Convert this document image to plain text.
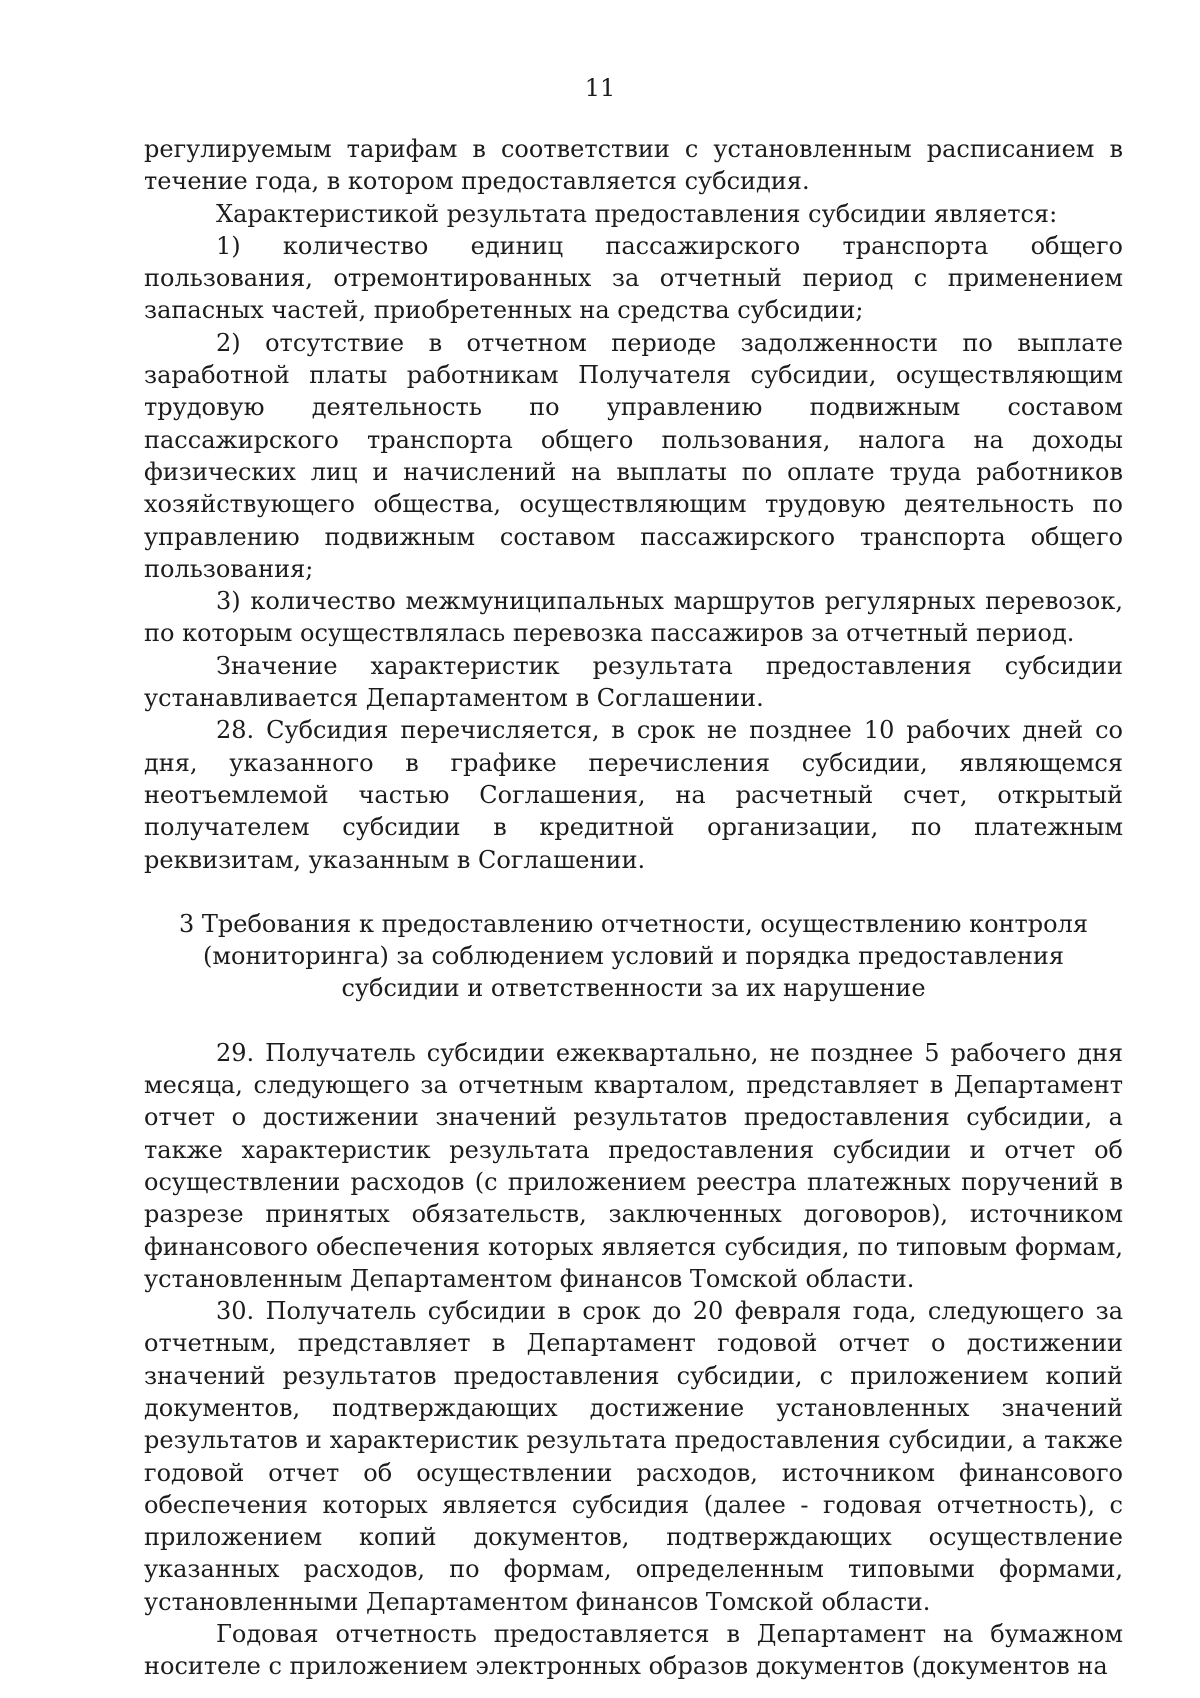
11

регулируемым тарифам в соответствии с установленным расписанием в течение года, в котором предоставляется субсидия.

Характеристикой результата предоставления субсидии является:

1) количество единиц пассажирского транспорта общего пользования, отремонтированных за отчетный период с применением запасных частей, приобретенных на средства субсидии;

2) отсутствие в отчетном периоде задолженности по выплате заработной платы работникам Получателя субсидии, осуществляющим трудовую деятельность по управлению подвижным составом пассажирского транспорта общего пользования, налога на доходы физических лиц и начислений на выплаты по оплате труда работников хозяйствующего общества, осуществляющим трудовую деятельность по управлению подвижным составом пассажирского транспорта общего пользования;

3) количество межмуниципальных маршрутов регулярных перевозок, по которым осуществлялась перевозка пассажиров за отчетный период.

Значение характеристик результата предоставления субсидии устанавливается Департаментом в Соглашении.

28. Субсидия перечисляется, в срок не позднее 10 рабочих дней со дня, указанного в графике перечисления субсидии, являющемся неотъемлемой частью Соглашения, на расчетный счет, открытый получателем субсидии в кредитной организации, по платежным реквизитам, указанным в Соглашении.

3 Требования к предоставлению отчетности, осуществлению контроля (мониторинга) за соблюдением условий и порядка предоставления субсидии и ответственности за их нарушение

29. Получатель субсидии ежеквартально, не позднее 5 рабочего дня месяца, следующего за отчетным кварталом, представляет в Департамент отчет о достижении значений результатов предоставления субсидии, а также характеристик результата предоставления субсидии и отчет об осуществлении расходов (с приложением реестра платежных поручений в разрезе принятых обязательств, заключенных договоров), источником финансового обеспечения которых является субсидия, по типовым формам, установленным Департаментом финансов Томской области.

30. Получатель субсидии в срок до 20 февраля года, следующего за отчетным, представляет в Департамент годовой отчет о достижении значений результатов предоставления субсидии, с приложением копий документов, подтверждающих достижение установленных значений результатов и характеристик результата предоставления субсидии, а также годовой отчет об осуществлении расходов, источником финансового обеспечения которых является субсидия (далее - годовая отчетность), с приложением копий документов, подтверждающих осуществление указанных расходов, по формам, определенным типовыми формами, установленными Департаментом финансов Томской области.

Годовая отчетность предоставляется в Департамент на бумажном носителе с приложением электронных образов документов (документов на
